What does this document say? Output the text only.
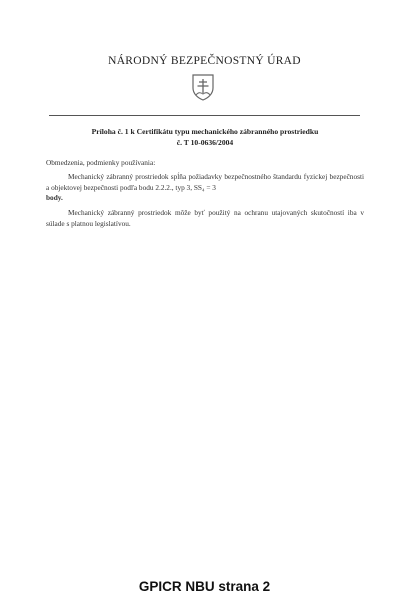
NÁRODNÝ BEZPEČNOSTNÝ ÚRAD
Príloha č. 1 k Certifikátu typu mechanického zábranného prostriedku
č. T 10-0636/2004
Obmedzenia, podmienky používania:
Mechanický zábranný prostriedok spĺňa požiadavky bezpečnostného štandardu fyzickej bezpečnosti a objektovej bezpečnosti podľa bodu 2.2.2., typ 3, SS₄ = 3
body.
Mechanický zábranný prostriedok môže byť použitý na ochranu utajovaných skutočností iba v súlade s platnou legislatívou.
GPICR NBU strana 2
